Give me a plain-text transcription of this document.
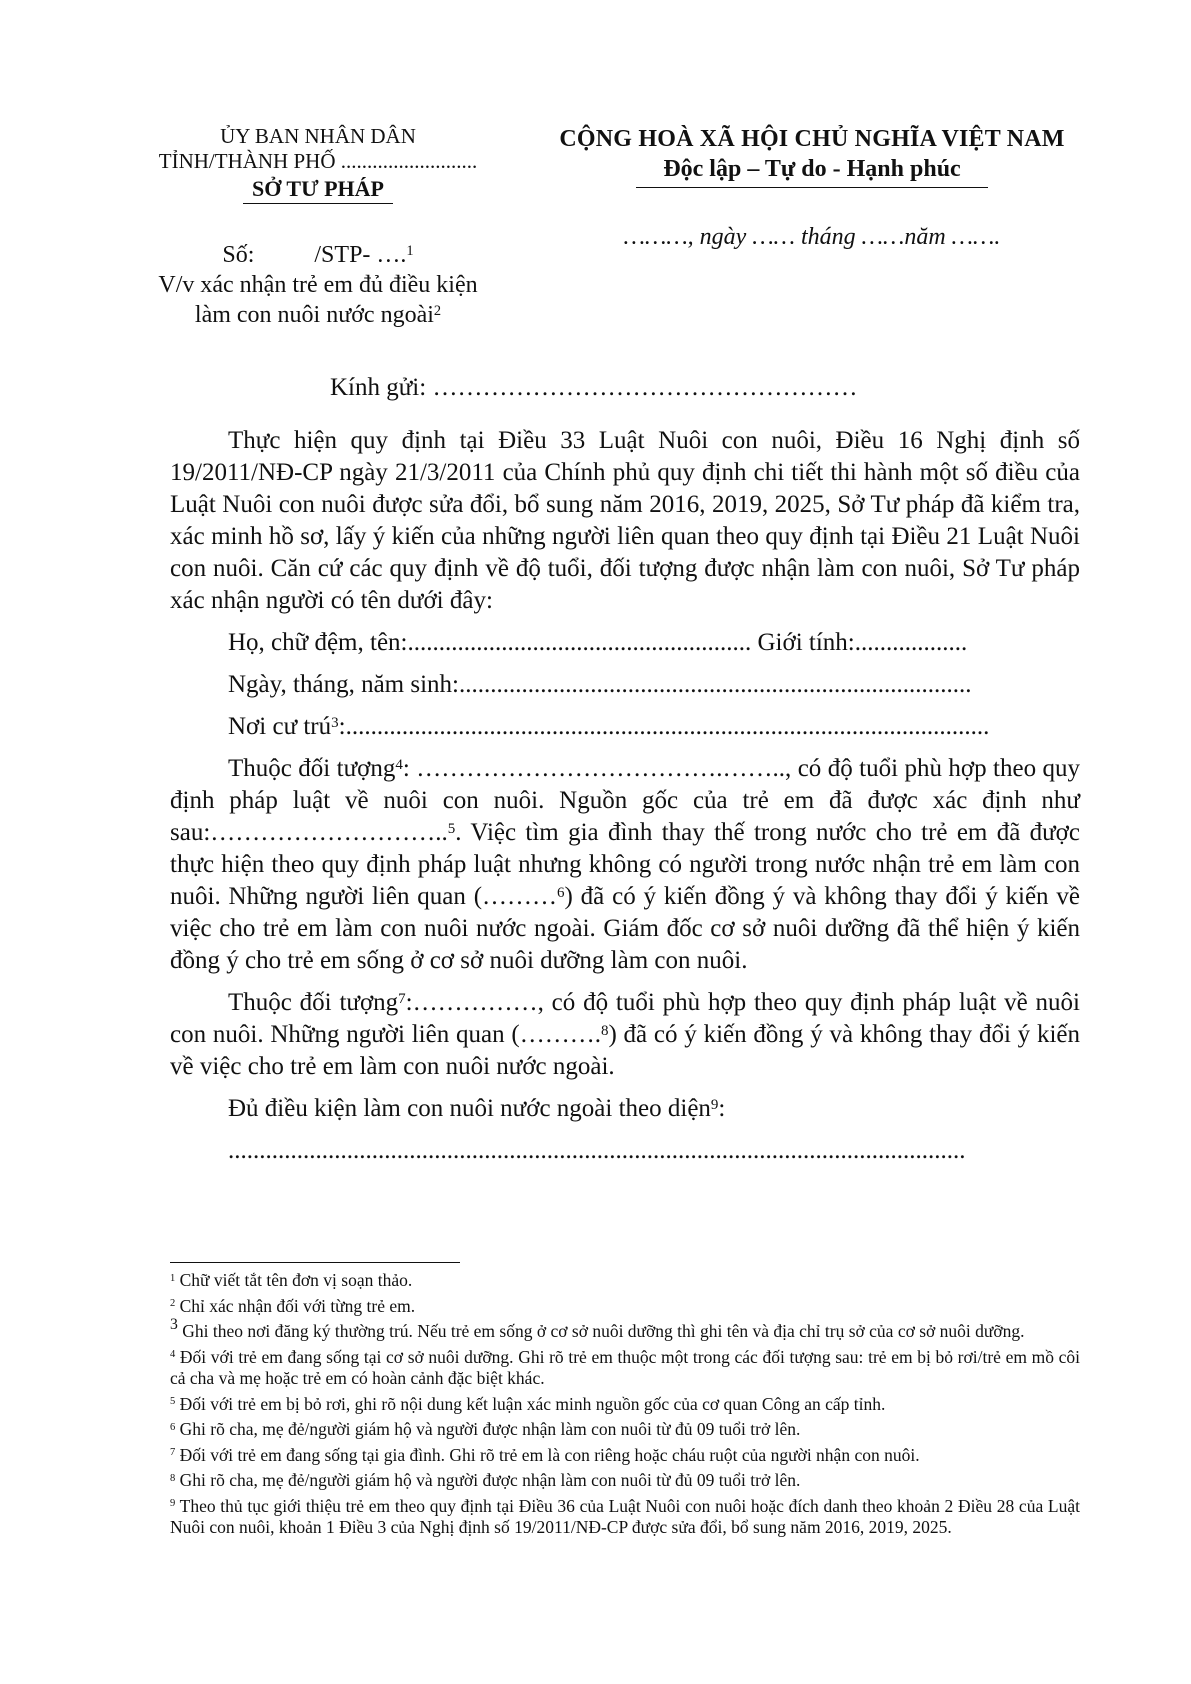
ỦY BAN NHÂN DÂN

TỈNH/THÀNH PHỐ ..........................
SỞ TƯ PHÁP
CỘNG HOÀ XÃ HỘI CHỦ NGHĨA VIỆT NAM
Độc lập – Tự do - Hạnh phúc
Số:	/STP- ….$^1$
V/v xác nhận trẻ em đủ điều kiện
làm con nuôi nước ngoài$^2$
………, ngày …… tháng ……năm …….
Kính gửi: ……………………………………………

Thực hiện quy định tại Điều 33 Luật Nuôi con nuôi, Điều 16 Nghị định số 19/2011/NĐ-CP ngày 21/3/2011 của Chính phủ quy định chi tiết thi hành một số điều của Luật Nuôi con nuôi được sửa đổi, bổ sung năm 2016, 2019, 2025, Sở Tư pháp đã kiểm tra, xác minh hồ sơ, lấy ý kiến của những người liên quan theo quy định tại Điều 21 Luật Nuôi con nuôi. Căn cứ các quy định về độ tuổi, đối tượng được nhận làm con nuôi, Sở Tư pháp xác nhận người có tên dưới đây:

Họ, chữ đệm, tên:....................................................... Giới tính:..................

Ngày, tháng, năm sinh:..................................................................................

Nơi cư trú$^3$:.......................................................................................................

Thuộc đối tượng$^4$: ……………………………….…….., có độ tuổi phù hợp theo quy định pháp luật về nuôi con nuôi. Nguồn gốc của trẻ em đã được xác định như sau:………………………..$^5$. Việc tìm gia đình thay thế trong nước cho trẻ em đã được thực hiện theo quy định pháp luật nhưng không có người trong nước nhận trẻ em làm con nuôi. Những người liên quan (………$^6$) đã có ý kiến đồng ý và không thay đổi ý kiến về việc cho trẻ em làm con nuôi nước ngoài. Giám đốc cơ sở nuôi dưỡng đã thể hiện ý kiến đồng ý cho trẻ em sống ở cơ sở nuôi dưỡng làm con nuôi.

Thuộc đối tượng$^7$:……………, có độ tuổi phù hợp theo quy định pháp luật về nuôi con nuôi. Những người liên quan (……….$^8$) đã có ý kiến đồng ý và không thay đổi ý kiến về việc cho trẻ em làm con nuôi nước ngoài.

Đủ điều kiện làm con nuôi nước ngoài theo diện$^9$:

......................................................................................................................

$^1$ Chữ viết tắt tên đơn vị soạn thảo.
$^2$ Chỉ xác nhận đối với từng trẻ em.
$^3$ Ghi theo nơi đăng ký thường trú. Nếu trẻ em sống ở cơ sở nuôi dưỡng thì ghi tên và địa chỉ trụ sở của cơ sở nuôi dưỡng.
$^4$ Đối với trẻ em đang sống tại cơ sở nuôi dưỡng. Ghi rõ trẻ em thuộc một trong các đối tượng sau: trẻ em bị bỏ rơi/trẻ em mồ côi cả cha và mẹ hoặc trẻ em có hoàn cảnh đặc biệt khác.
$^5$ Đối với trẻ em bị bỏ rơi, ghi rõ nội dung kết luận xác minh nguồn gốc của cơ quan Công an cấp tỉnh.
$^6$ Ghi rõ cha, mẹ đẻ/người giám hộ và người được nhận làm con nuôi từ đủ 09 tuổi trở lên.
$^7$ Đối với trẻ em đang sống tại gia đình. Ghi rõ trẻ em là con riêng hoặc cháu ruột của người nhận con nuôi.
$^8$ Ghi rõ cha, mẹ đẻ/người giám hộ và người được nhận làm con nuôi từ đủ 09 tuổi trở lên.
$^9$ Theo thủ tục giới thiệu trẻ em theo quy định tại Điều 36 của Luật Nuôi con nuôi hoặc đích danh theo khoản 2 Điều 28 của Luật Nuôi con nuôi, khoản 1 Điều 3 của Nghị định số 19/2011/NĐ-CP được sửa đổi, bổ sung năm 2016, 2019, 2025.
